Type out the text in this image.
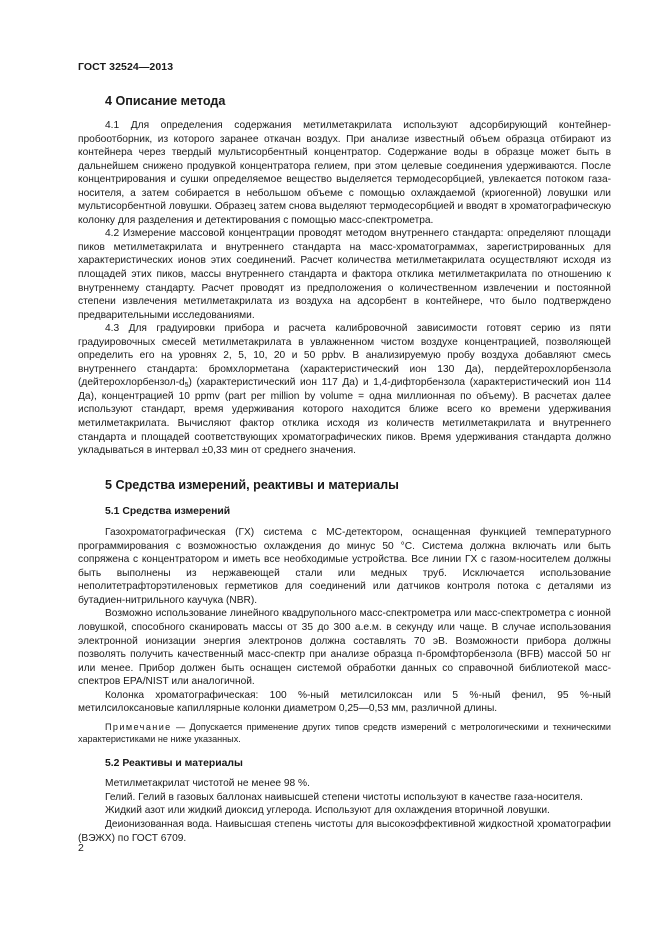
ГОСТ 32524—2013
4 Описание метода

4.1 Для определения содержания метилметакрилата используют адсорбирующий контейнер-пробоотборник, из которого заранее откачан воздух. При анализе известный объем образца отбирают из контейнера через твердый мультисорбентный концентратор. Содержание воды в образце может быть в дальнейшем снижено продувкой концентратора гелием, при этом целевые соединения удерживаются. После концентрирования и сушки определяемое вещество выделяется термодесорбцией, увлекается потоком газа-носителя, а затем собирается в небольшом объеме с помощью охлаждаемой (криогенной) ловушки или мультисорбентной ловушки. Образец затем снова выделяют термодесорбцией и вводят в хроматографическую колонку для разделения и детектирования с помощью масс-спектрометра.

4.2 Измерение массовой концентрации проводят методом внутреннего стандарта: определяют площади пиков метилметакрилата и внутреннего стандарта на масс-хроматограммах, зарегистрированных для характеристических ионов этих соединений. Расчет количества метилметакрилата осуществляют исходя из площадей этих пиков, массы внутреннего стандарта и фактора отклика метилметакрилата по отношению к внутреннему стандарту. Расчет проводят из предположения о количественном извлечении и постоянной степени извлечения метилметакрилата из воздуха на адсорбент в контейнере, что было подтверждено предварительными исследованиями.

4.3 Для градуировки прибора и расчета калибровочной зависимости готовят серию из пяти градуировочных смесей метилметакрилата в увлажненном чистом воздухе концентрацией, позволяющей определить его на уровнях 2, 5, 10, 20 и 50 ppbv. В анализируемую пробу воздуха добавляют смесь внутреннего стандарта: бромхлорметана (характеристический ион 130 Да), пердейтерохлорбензола $(дейтерохлорбензол-d_5)$ (характеристический ион 117 Да) и 1,4-дифторбензола (характеристический ион 114 Да), концентрацией 10 ppmv (part per million by volume = одна миллионная по объему). В расчетах далее используют стандарт, время удерживания которого находится ближе всего ко времени удерживания метилметакрилата. Вычисляют фактор отклика исходя из количеств метилметакрилата и внутреннего стандарта и площадей соответствующих хроматографических пиков. Время удерживания стандарта должно укладываться в интервал ±0,33 мин от среднего значения.

5 Средства измерений, реактивы и материалы
5.1 Средства измерений

Газохроматографическая (ГХ) система с МС-детектором, оснащенная функцией температурного программирования с возможностью охлаждения до минус 50 °С. Система должна включать или быть сопряжена с концентратором и иметь все необходимые устройства. Все линии ГХ с газом-носителем должны быть выполнены из нержавеющей стали или медных труб. Исключается использование неполитетрафторэтиленовых герметиков для соединений или датчиков контроля потока с деталями из бутадиен-нитрильного каучука (NBR).

Возможно использование линейного квадрупольного масс-спектрометра или масс-спектрометра с ионной ловушкой, способного сканировать массы от 35 до 300 а.е.м. в секунду или чаще. В случае использования электронной ионизации энергия электронов должна составлять 70 эВ. Возможности прибора должны позволять получить качественный масс-спектр при анализе образца п-бромфторбензола (BFB) массой 50 нг или менее. Прибор должен быть оснащен системой обработки данных со справочной библиотекой масс-спектров EPA/NIST или аналогичной.

Колонка хроматографическая: 100 %-ный метилсилоксан или 5 %-ный фенил, 95 %-ный метилсилоксановые капиллярные колонки диаметром 0,25—0,53 мм, различной длины.

Примечание — Допускается применение других типов средств измерений с метрологическими и техническими характеристиками не ниже указанных.

5.2 Реактивы и материалы

Метилметакрилат чистотой не менее 98 %.

Гелий. Гелий в газовых баллонах наивысшей степени чистоты используют в качестве газа-носителя.

Жидкий азот или жидкий диоксид углерода. Используют для охлаждения вторичной ловушки.

Деионизованная вода. Наивысшая степень чистоты для высокоэффективной жидкостной хроматографии (ВЭЖХ) по ГОСТ 6709.

2
